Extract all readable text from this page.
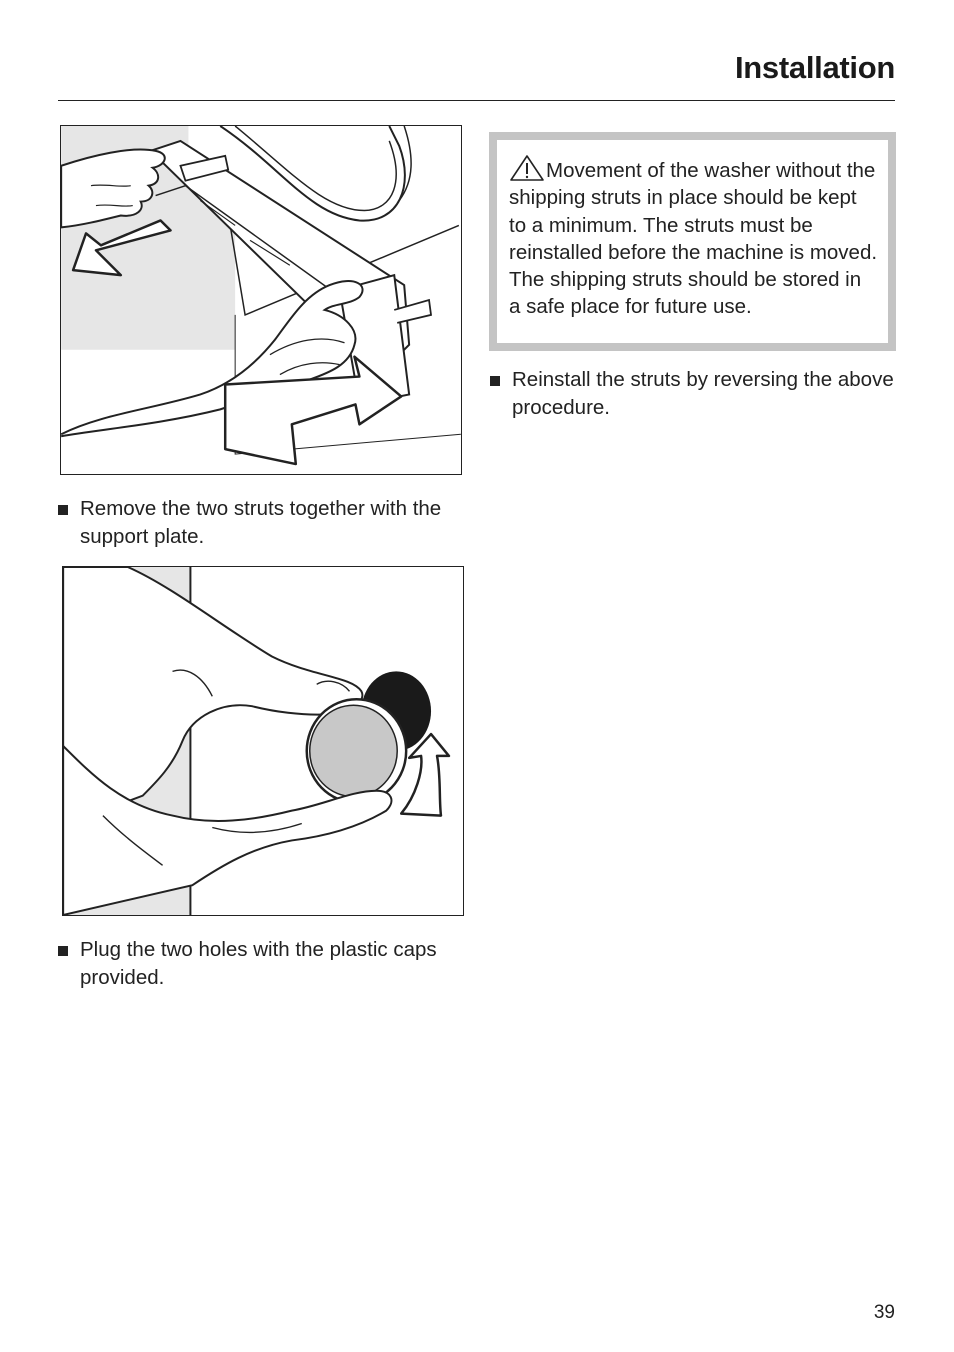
Installation
Remove the two struts together with the support plate.
Plug the two holes with the plastic caps provided.
Movement of the washer without the shipping struts in place should be kept to a minimum. The struts must be reinstalled before the machine is moved. The shipping struts should be stored in a safe place for future use.
Reinstall the struts by reversing the above procedure.
39
